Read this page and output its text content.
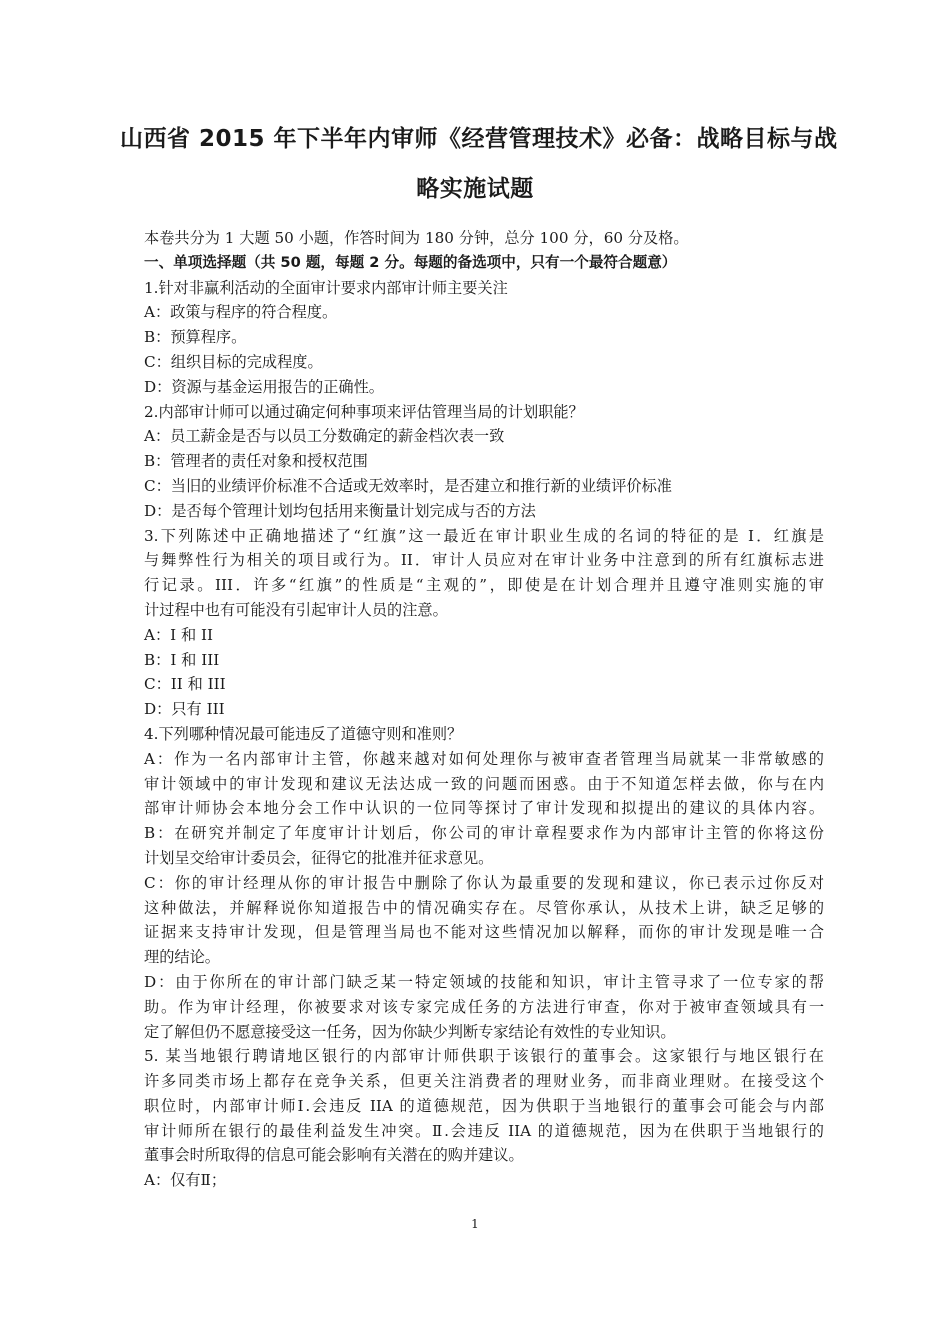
山西省 2015 年下半年内审师《经营管理技术》必备：战略目标与战
略实施试题
本卷共分为 1 大题 50 小题，作答时间为 180 分钟，总分 100 分，60 分及格。
一、单项选择题（共 50 题，每题 2 分。每题的备选项中，只有一个最符合题意）
1.针对非赢利活动的全面审计要求内部审计师主要关注
A：政策与程序的符合程度。
B：预算程序。
C：组织目标的完成程度。
D：资源与基金运用报告的正确性。
2.内部审计师可以通过确定何种事项来评估管理当局的计划职能？
A：员工薪金是否与以员工分数确定的薪金档次表一致
B：管理者的责任对象和授权范围
C：当旧的业绩评价标准不合适或无效率时，是否建立和推行新的业绩评价标准
D：是否每个管理计划均包括用来衡量计划完成与否的方法
3.下列陈述中正确地描述了“红旗”这一最近在审计职业生成的名词的特征的是 I．红旗是
与舞弊性行为相关的项目或行为。II．审计人员应对在审计业务中注意到的所有红旗标志进
行记录。III．许多“红旗”的性质是“主观的”，即使是在计划合理并且遵守准则实施的审
计过程中也有可能没有引起审计人员的注意。
A：I 和 II
B：I 和 III
C：II 和 III
D：只有 III
4.下列哪种情况最可能违反了道德守则和准则？
A：作为一名内部审计主管，你越来越对如何处理你与被审查者管理当局就某一非常敏感的
审计领域中的审计发现和建议无法达成一致的问题而困惑。由于不知道怎样去做，你与在内
部审计师协会本地分会工作中认识的一位同等探讨了审计发现和拟提出的建议的具体内容。
B：在研究并制定了年度审计计划后，你公司的审计章程要求作为内部审计主管的你将这份
计划呈交给审计委员会，征得它的批准并征求意见。
C：你的审计经理从你的审计报告中删除了你认为最重要的发现和建议，你已表示过你反对
这种做法，并解释说你知道报告中的情况确实存在。尽管你承认，从技术上讲，缺乏足够的
证据来支持审计发现，但是管理当局也不能对这些情况加以解释，而你的审计发现是唯一合
理的结论。
D：由于你所在的审计部门缺乏某一特定领域的技能和知识，审计主管寻求了一位专家的帮
助。作为审计经理，你被要求对该专家完成任务的方法进行审查，你对于被审查领域具有一
定了解但仍不愿意接受这一任务，因为你缺少判断专家结论有效性的专业知识。
5. 某当地银行聘请地区银行的内部审计师供职于该银行的董事会。这家银行与地区银行在
许多同类市场上都存在竞争关系，但更关注消费者的理财业务，而非商业理财。在接受这个
职位时，内部审计师Ⅰ.会违反 IIA 的道德规范，因为供职于当地银行的董事会可能会与内部
审计师所在银行的最佳利益发生冲突。Ⅱ.会违反 IIA 的道德规范，因为在供职于当地银行的
董事会时所取得的信息可能会影响有关潜在的购并建议。
A：仅有Ⅱ；
1
